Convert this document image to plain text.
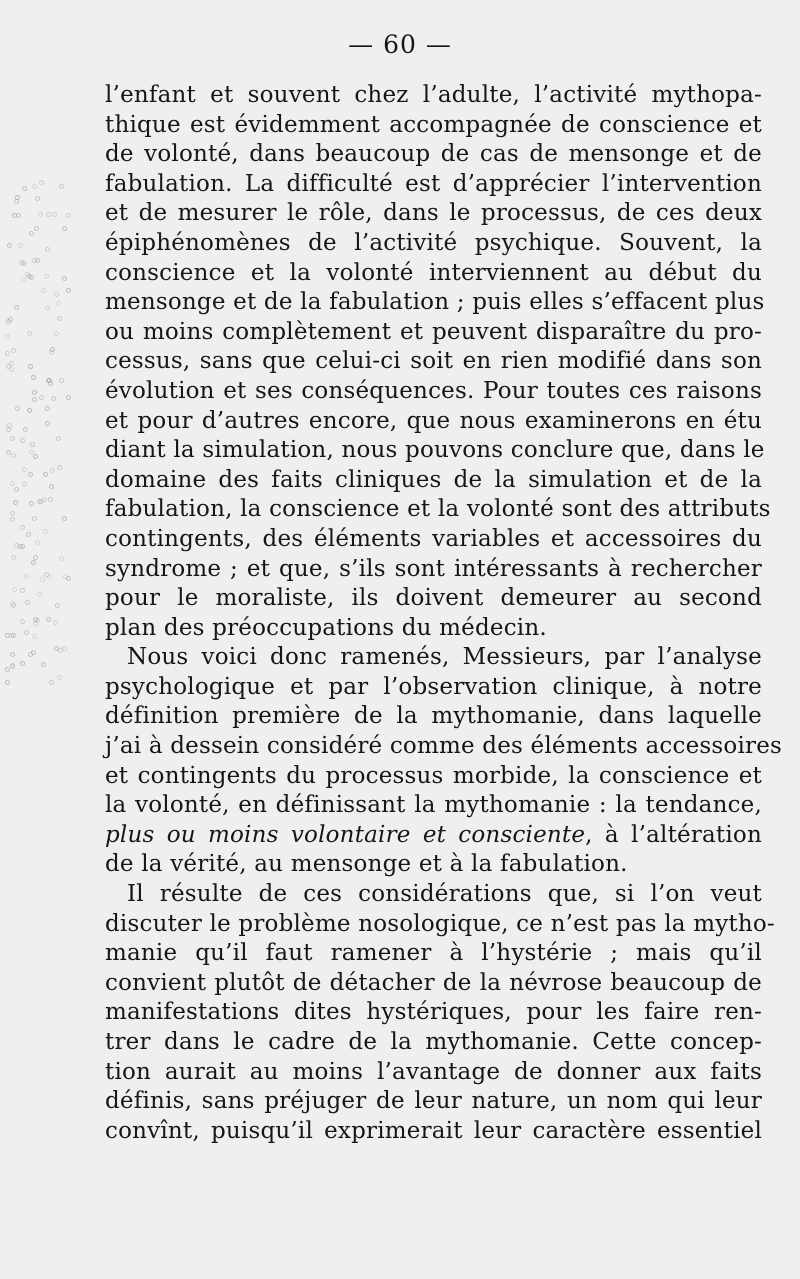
— 60 —
l’enfant et souvent chez l’adulte, l’activité mythopa-
thique est évidemment accompagnée de conscience et
de volonté, dans beaucoup de cas de mensonge et de
fabulation. La difficulté est d’apprécier l’intervention
et de mesurer le rôle, dans le processus, de ces deux
épiphénomènes de l’activité psychique. Souvent, la
conscience et la volonté interviennent au début du
mensonge et de la fabulation ; puis elles s’effacent plus
ou moins complètement et peuvent disparaître du pro-
cessus, sans que celui-ci soit en rien modifié dans son
évolution et ses conséquences. Pour toutes ces raisons
et pour d’autres encore, que nous examinerons en étu
diant la simulation, nous pouvons conclure que, dans le
domaine des faits cliniques de la simulation et de la
fabulation, la conscience et la volonté sont des attributs
contingents, des éléments variables et accessoires du
syndrome ; et que, s’ils sont intéressants à rechercher
pour le moraliste, ils doivent demeurer au second
plan des préoccupations du médecin.
Nous voici donc ramenés, Messieurs, par l’analyse
psychologique et par l’observation clinique, à notre
définition première de la mythomanie, dans laquelle
j’ai à dessein considéré comme des éléments accessoires
et contingents du processus morbide, la conscience et
la volonté, en définissant la mythomanie : la tendance,
plus ou moins volontaire et consciente, à l’altération
de la vérité, au mensonge et à la fabulation.
Il résulte de ces considérations que, si l’on veut
discuter le problème nosologique, ce n’est pas la mytho-
manie qu’il faut ramener à l’hystérie ; mais qu’il
convient plutôt de détacher de la névrose beaucoup de
manifestations dites hystériques, pour les faire ren-
trer dans le cadre de la mythomanie. Cette concep-
tion aurait au moins l’avantage de donner aux faits
définis, sans préjuger de leur nature, un nom qui leur
convînt, puisqu’il exprimerait leur caractère essentiel
